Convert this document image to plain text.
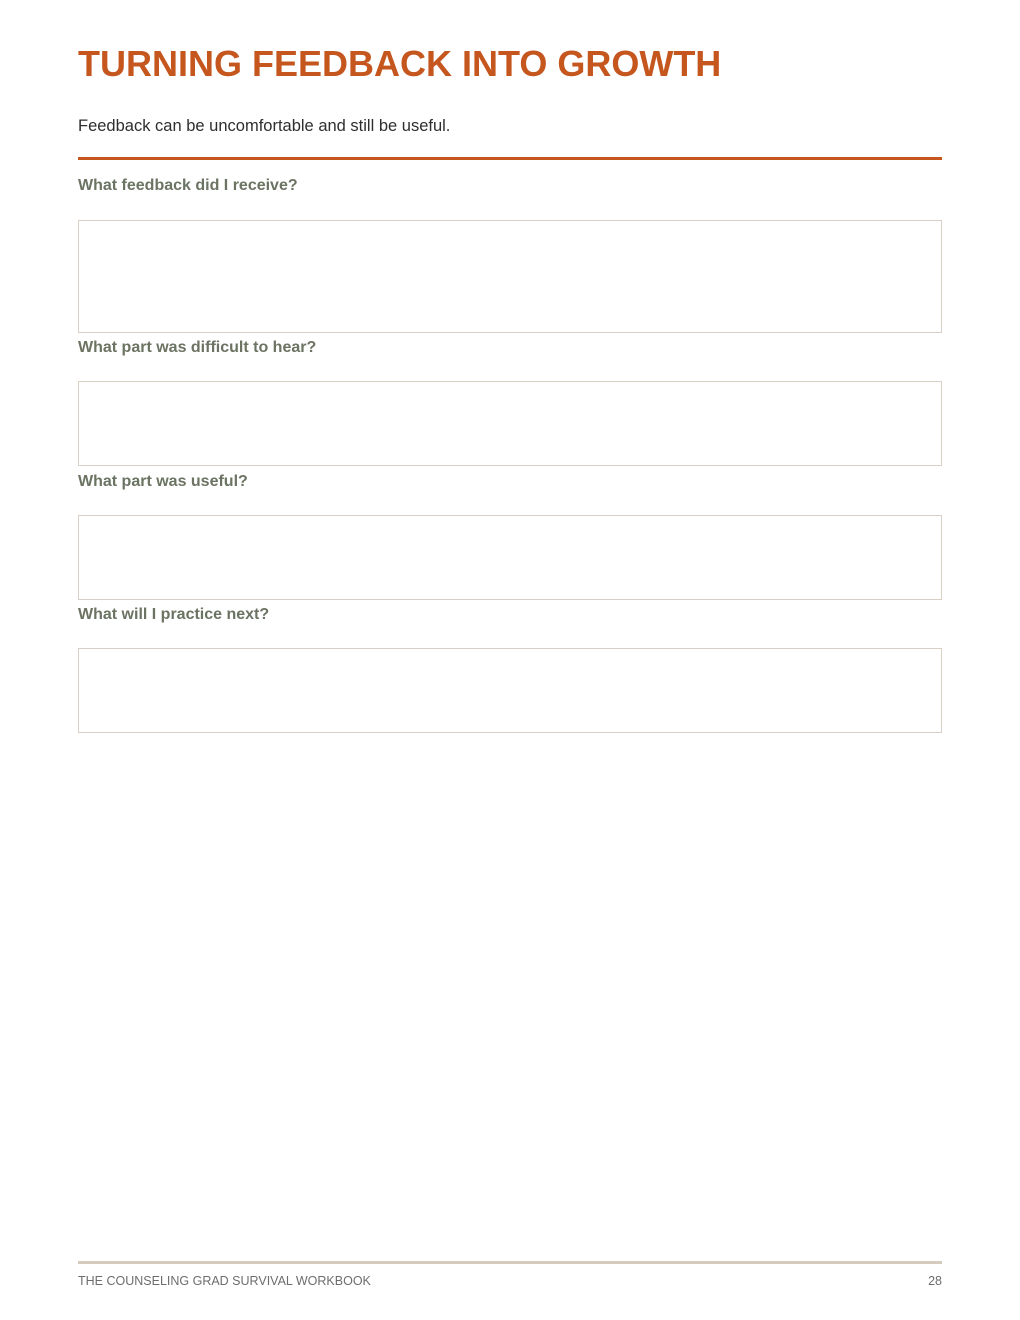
TURNING FEEDBACK INTO GROWTH

Feedback can be uncomfortable and still be useful.

What feedback did I receive?

What part was difficult to hear?

What part was useful?

What will I practice next?

THE COUNSELING GRAD SURVIVAL WORKBOOK	28
